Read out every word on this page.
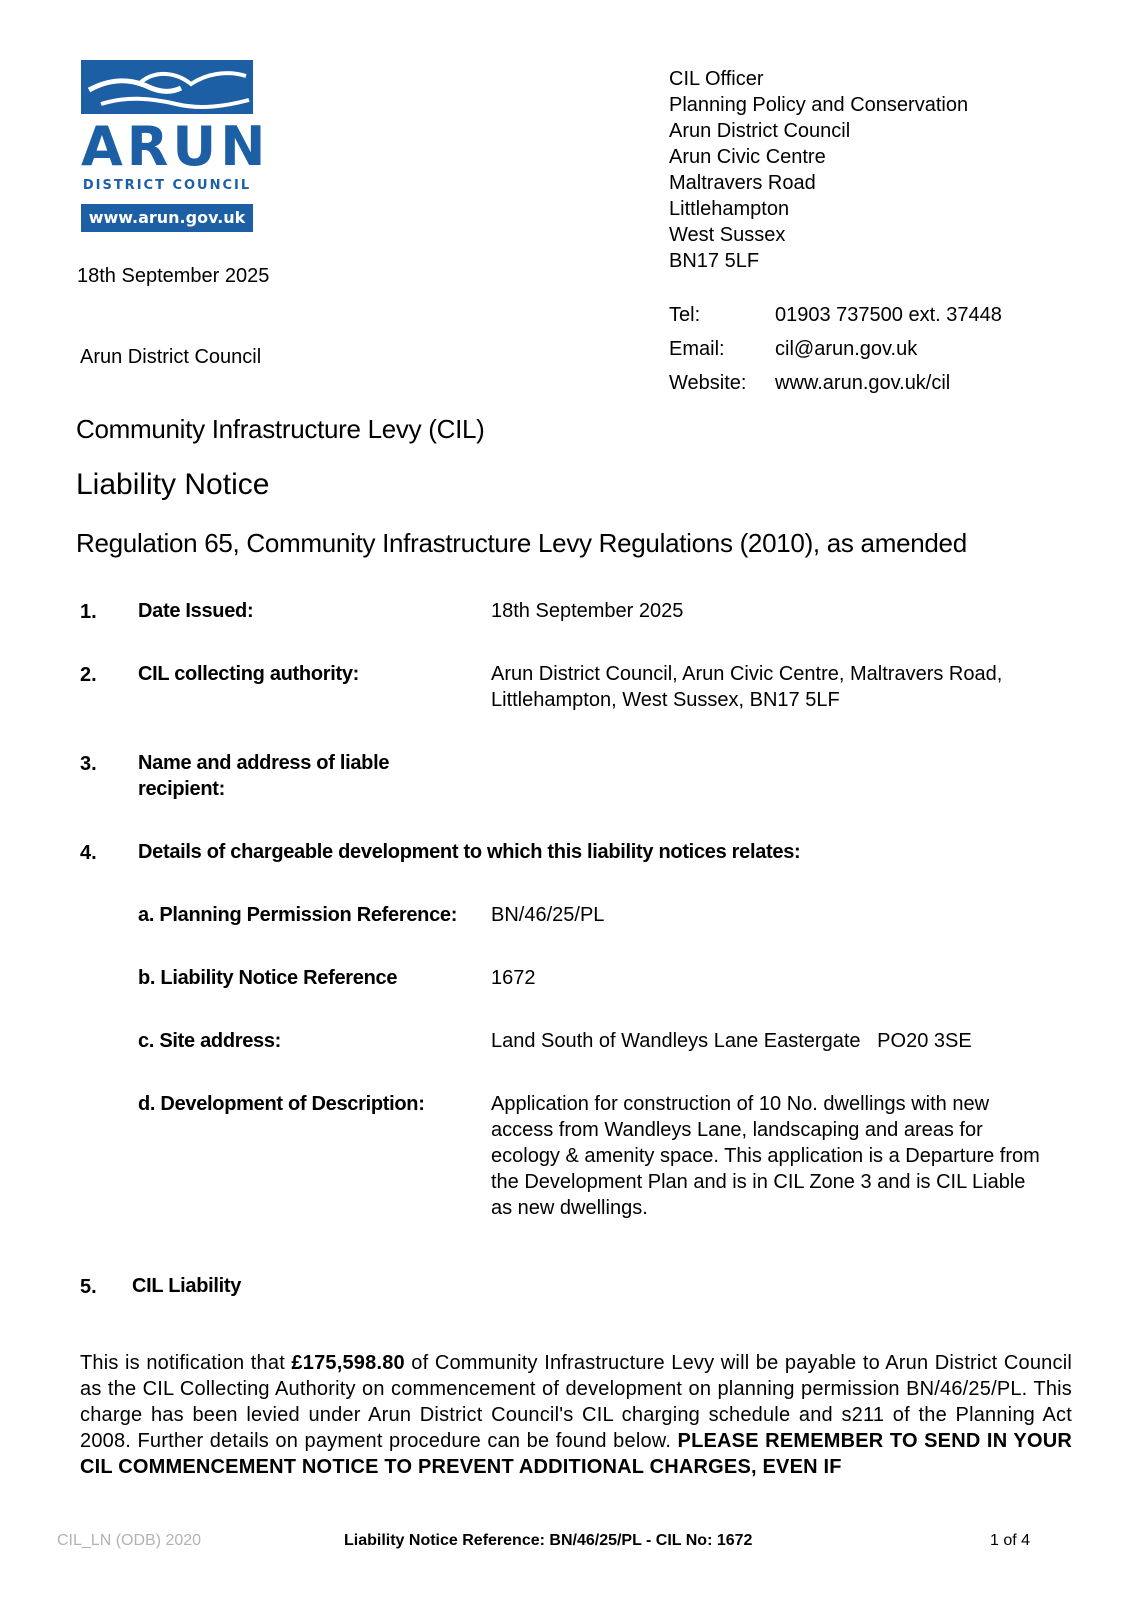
ARUN
DISTRICT COUNCIL
www.arun.gov.uk
CIL Officer
Planning Policy and Conservation
Arun District Council
Arun Civic Centre
Maltravers Road
Littlehampton
West Sussex
BN17 5LF
Tel:	01903 737500 ext. 37448
Email:	cil@arun.gov.uk
Website:	www.arun.gov.uk/cil
18th September 2025
Arun District Council
Community Infrastructure Levy (CIL)
Liability Notice
Regulation 65, Community Infrastructure Levy Regulations (2010), as amended
1. Date Issued:	18th September 2025
2. CIL collecting authority:	Arun District Council, Arun Civic Centre, Maltravers Road,
Littlehampton, West Sussex, BN17 5LF
3. Name and address of liable
recipient:
4. Details of chargeable development to which this liability notices relates:
a. Planning Permission Reference: BN/46/25/PL
b. Liability Notice Reference	1672
c. Site address:	Land South of Wandleys Lane Eastergate   PO20 3SE
d. Development of Description:	Application for construction of 10 No. dwellings with new
access from Wandleys Lane, landscaping and areas for
ecology & amenity space. This application is a Departure from
the Development Plan and is in CIL Zone 3 and is CIL Liable
as new dwellings.
5. CIL Liability
This is notification that £175,598.80 of Community Infrastructure Levy will be payable to Arun District Council as the CIL Collecting Authority on commencement of development on planning permission BN/46/25/PL. This charge has been levied under Arun District Council's CIL charging schedule and s211 of the Planning Act 2008. Further details on payment procedure can be found below. PLEASE REMEMBER TO SEND IN YOUR CIL COMMENCEMENT NOTICE TO PREVENT ADDITIONAL CHARGES, EVEN IF
CIL_LN (ODB) 2020	Liability Notice Reference: BN/46/25/PL - CIL No: 1672	1 of 4
